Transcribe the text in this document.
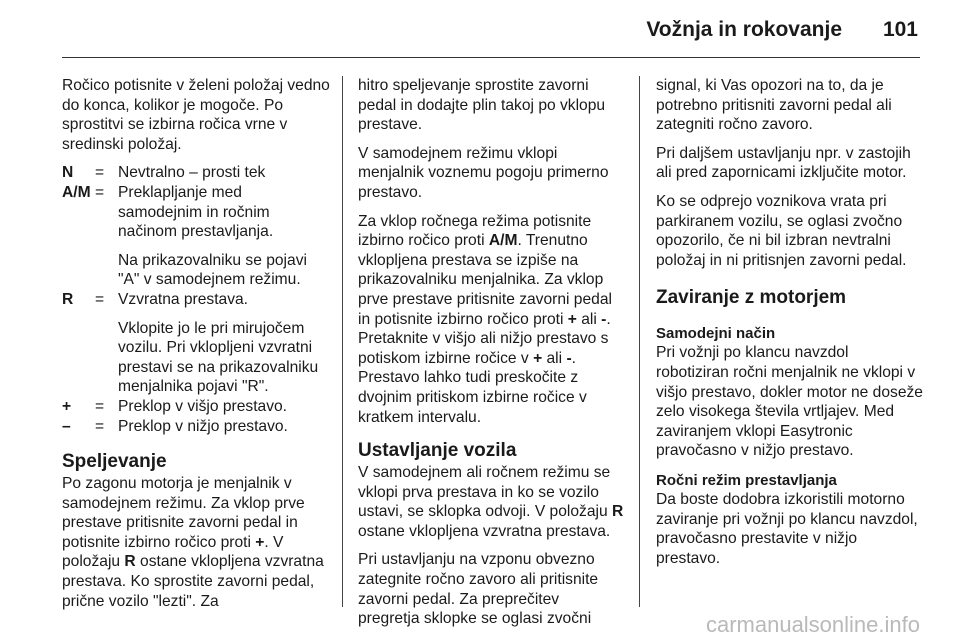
Vožnja in rokovanje 101

Ročico potisnite v želeni položaj vedno do konca, kolikor je mogoče. Po sprostitvi se izbirna ročica vrne v sredinski položaj.

N	= Nevtralno – prosti tek

A/M = Preklapljanje med samodejnim in ročnim načinom prestavljanja.

Na prikazovalniku se pojavi "A" v samodejnem režimu.

R	= Vzvratna prestava.

Vklopite jo le pri mirujočem vozilu. Pri vklopljeni vzvratni prestavi se na prikazovalniku menjalnika pojavi "R".

+	= Preklop v višjo prestavo.

–	= Preklop v nižjo prestavo.

Speljevanje

Po zagonu motorja je menjalnik v samodejnem režimu. Za vklop prve prestave pritisnite zavorni pedal in potisnite izbirno ročico proti +. V položaju R ostane vklopljena vzvratna prestava. Ko sprostite zavorni pedal, prične vozilo "lezti". Za

hitro speljevanje sprostite zavorni pedal in dodajte plin takoj po vklopu prestave.

V samodejnem režimu vklopi menjalnik voznemu pogoju primerno prestavo.

Za vklop ročnega režima potisnite izbirno ročico proti A/M. Trenutno vklopljena prestava se izpiše na prikazovalniku menjalnika. Za vklop prve prestave pritisnite zavorni pedal in potisnite izbirno ročico proti + ali -. Pretaknite v višjo ali nižjo prestavo s potiskom izbirne ročice v + ali -. Prestavo lahko tudi preskočite z dvojnim pritiskom izbirne ročice v kratkem intervalu.

Ustavljanje vozila

V samodejnem ali ročnem režimu se vklopi prva prestava in ko se vozilo ustavi, se sklopka odvoji. V položaju R ostane vklopljena vzvratna prestava.

Pri ustavljanju na vzponu obvezno zategnite ročno zavoro ali pritisnite zavorni pedal. Za preprečitev pregretja sklopke se oglasi zvočni

signal, ki Vas opozori na to, da je potrebno pritisniti zavorni pedal ali zategniti ročno zavoro.

Pri daljšem ustavljanju npr. v zastojih ali pred zapornicami izključite motor.

Ko se odprejo voznikova vrata pri parkiranem vozilu, se oglasi zvočno opozorilo, če ni bil izbran nevtralni položaj in ni pritisnjen zavorni pedal.

Zaviranje z motorjem
Samodejni način

Pri vožnji po klancu navzdol robotiziran ročni menjalnik ne vklopi v višjo prestavo, dokler motor ne doseže zelo visokega števila vrtljajev. Med zaviranjem vklopi Easytronic pravočasno v nižjo prestavo.

Ročni režim prestavljanja

Da boste dodobra izkoristili motorno zaviranje pri vožnji po klancu navzdol, pravočasno prestavite v nižjo prestavo.

carmanualsonline.info
